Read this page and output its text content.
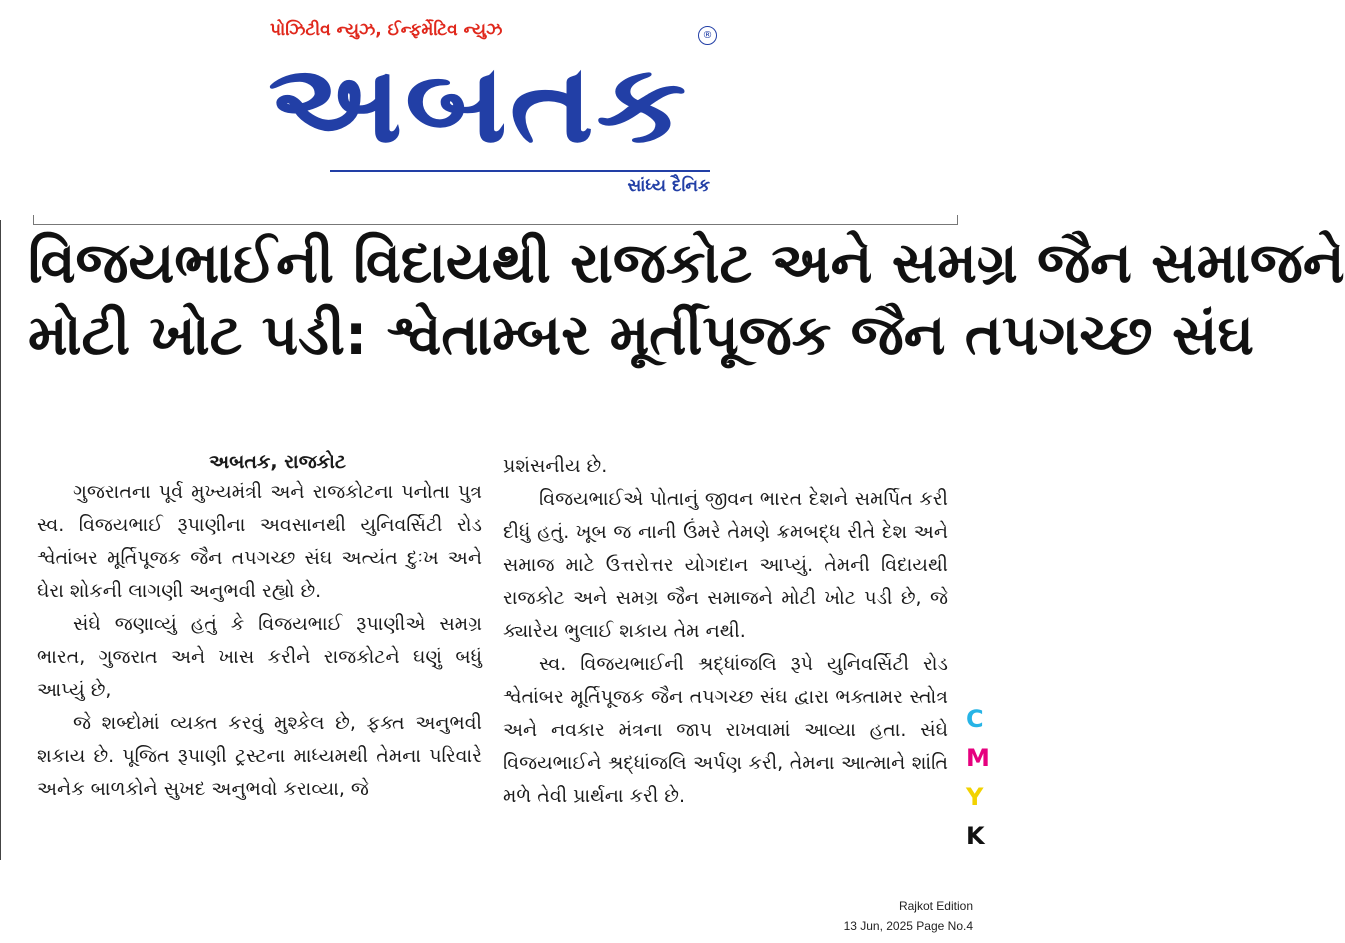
પોઝિટીવ ન્યુઝ, ઈન્ફર્મેટિવ ન્યુઝ
અબતક
®
સાંધ્ય દૈનિક
વિજયભાઈની વિદાયથી રાજકોટ અને સમગ્ર જૈન સમાજને
મોટી ખોટ પડી: શ્વેતામ્બર મૂર્તીપૂજક જૈન તપગચ્છ સંઘ

અબતક, રાજકોટ

ગુજરાતના પૂર્વ મુખ્યમંત્રી અને રાજકોટના પનોતા પુત્ર સ્વ. વિજયભાઈ રૂપાણીના અવસાનથી યુનિવર્સિટી રોડ શ્વેતાંબર મૂર્તિપૂજક જૈન તપગચ્છ સંઘ અત્યંત દુઃખ અને ઘેરા શોકની લાગણી અનુભવી રહ્યો છે.

સંઘે જણાવ્યું હતું કે વિજયભાઈ રૂપાણીએ સમગ્ર ભારત, ગુજરાત અને ખાસ કરીને રાજકોટને ઘણું બધું આપ્યું છે,

જે શબ્દોમાં વ્યક્ત કરવું મુશ્કેલ છે, ફક્ત અનુભવી શકાય છે. પૂજિત રૂપાણી ટ્રસ્ટના માધ્યમથી તેમના પરિવારે અનેક બાળકોને સુખદ અનુભવો કરાવ્યા, જે

પ્રશંસનીય છે.

વિજયભાઈએ પોતાનું જીવન ભારત દેશને સમર્પિત કરી દીધું હતું. ખૂબ જ નાની ઉંમરે તેમણે ક્રમબદ્ધ રીતે દેશ અને સમાજ માટે ઉત્તરોત્તર યોગદાન આપ્યું. તેમની વિદાયથી રાજકોટ અને સમગ્ર જૈન સમાજને મોટી ખોટ પડી છે, જે ક્યારેય ભુલાઈ શકાય તેમ નથી.

સ્વ. વિજયભાઈની શ્રદ્ધાંજલિ રૂપે યુનિવર્સિટી રોડ શ્વેતાંબર મૂર્તિપૂજક જૈન તપગચ્છ સંઘ દ્વારા ભક્તામર સ્તોત્ર અને નવકાર મંત્રના જાપ રાખવામાં આવ્યા હતા. સંઘે વિજયભાઈને શ્રદ્ધાંજલિ અર્પણ કરી, તેમના આત્માને શાંતિ મળે તેવી પ્રાર્થના કરી છે.

C
M
Y
K
Rajkot Edition
13 Jun, 2025 Page No.4
